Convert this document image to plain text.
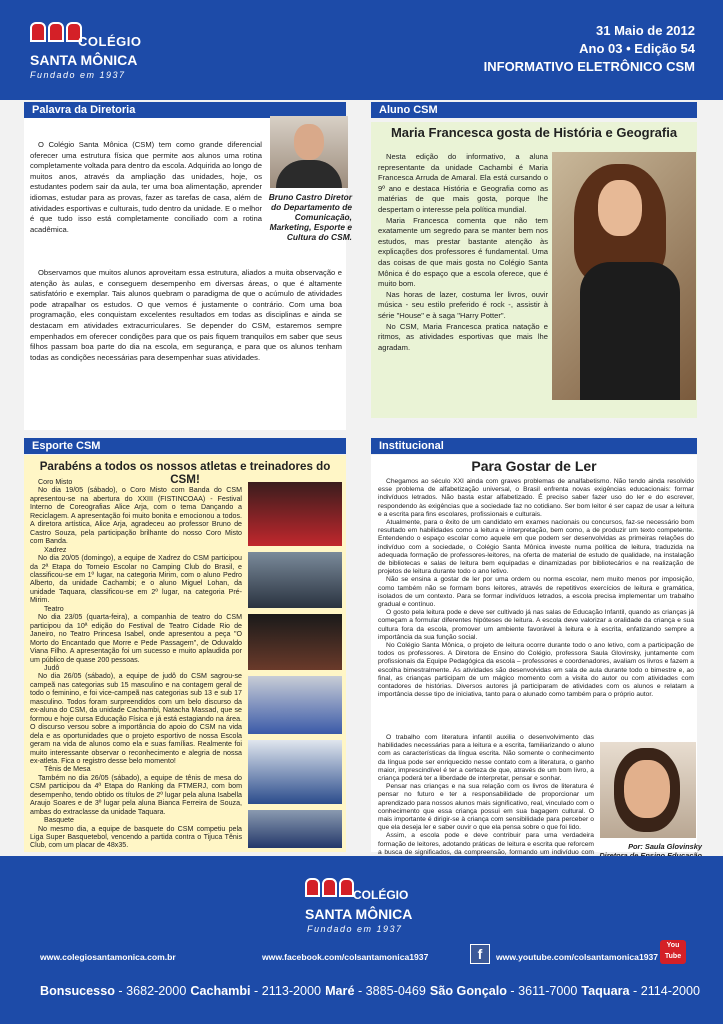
COLÉGIO
SANTA MÔNICA
Fundado em 1937
31 Maio de 2012
Ano 03 • Edição 54
INFORMATIVO ELETRÔNICO CSM
Palavra da Diretoria
O Colégio Santa Mônica (CSM) tem como grande diferencial oferecer uma estrutura física que permite aos alunos uma rotina completamente voltada para dentro da escola. Adquirida ao longo de muitos anos, através da ampliação das unidades, hoje, os estudantes podem sair da aula, ter uma boa alimentação, aprender idiomas, estudar para as provas, fazer as tarefas de casa, além de atividades esportivas e culturais, tudo dentro da unidade. E o melhor é que tudo isso está completamente conciliado com a rotina acadêmica.
Bruno Castro Diretor do Departamento de Comunicação, Marketing, Esporte e Cultura do CSM.
Observamos que muitos alunos aproveitam essa estrutura, aliados a muita observação e atenção às aulas, e conseguem desempenho em diversas áreas, o que é altamente satisfatório e exemplar. Tais alunos quebram o paradigma de que o acúmulo de atividades pode atrapalhar os estudos. O que vemos é justamente o contrário. Com uma boa programação, eles conquistam excelentes resultados em todas as disciplinas e ainda se destacam em atividades extracurriculares. Se depender do CSM, estaremos sempre empenhados em oferecer condições para que os pais fiquem tranquilos em saber que seus filhos passam boa parte do dia na escola, em segurança, e para que os alunos tenham todas as condições necessárias para desempenhar suas atividades.
Aluno CSM
Maria Francesca gosta de História e Geografia
Nesta edição do informativo, a aluna representante da unidade Cachambi é Maria Francesca Arruda de Amaral. Ela está cursando o 9º ano e destaca História e Geografia como as matérias de que mais gosta, porque lhe despertam o interesse pela política mundial.
Maria Francesca comenta que não tem exatamente um segredo para se manter bem nos estudos, mas prestar bastante atenção às explicações dos professores é fundamental. Uma das coisas de que mais gosta no Colégio Santa Mônica é do espaço que a escola oferece, que é muito bom.
Nas horas de lazer, costuma ler livros, ouvir música - seu estilo preferido é rock -, assistir à série "House" e à saga "Harry Potter".
No CSM, Maria Francesca pratica natação e ritmos, as atividades esportivas que mais lhe agradam.
Esporte CSM
Parabéns a todos os nossos atletas e treinadores do CSM!
Coro Misto
No dia 19/05 (sábado), o Coro Misto com Banda do CSM apresentou-se na abertura do XXIII (FISTINCOAA) - Festival Interno de Coreografias Alice Arja, com o tema Dançando a Reciclagem. A apresentação foi muito bonita e emocionou a todos. A diretora artística, Alice Arja, agradeceu ao professor Bruno de Castro Souza, pela participação brilhante do nosso Coro Misto com Banda.
Xadrez
No dia 20/05 (domingo), a equipe de Xadrez do CSM participou da 2ª Etapa do Torneio Escolar no Camping Club do Brasil, e classificou-se em 1º lugar, na categoria Mirim, com o aluno Pedro Alberto, da unidade Cachambi; e o aluno Miguel Lohan, da unidade Taquara, classificou-se em 2º lugar, na categoria Pré-Mirim.
Teatro
No dia 23/05 (quarta-feira), a companhia de teatro do CSM participou da 10ª edição do Festival de Teatro Cidade Rio de Janeiro, no Teatro Princesa Isabel, onde apresentou a peça "O Morto do Encantado que Morre e Pede Passagem", de Oduvaldo Viana Filho. A apresentação foi um sucesso e muito aplaudida por um público de quase 200 pessoas.
Judô
No dia 26/05 (sábado), a equipe de judô do CSM sagrou-se campeã nas categorias sub 15 masculino e na contagem geral de todo o feminino, e foi vice-campeã nas categorias sub 13 e sub 17 masculino. Todos foram surpreendidos com um belo discurso da ex-aluna do CSM, da unidade Cachambi, Natacha Massad, que se formou e hoje cursa Educação Física e já está estagiando na área. O discurso versou sobre a importância do apoio do CSM na vida dela e as oportunidades que o projeto esportivo de nossa Escola geram na vida de alunos como ela e suas famílias. Realmente foi muito interessante observar o reconhecimento e alegria de nossa ex-atleta. Fica o registro desse belo momento!
Tênis de Mesa
Também no dia 26/05 (sábado), a equipe de tênis de mesa do CSM participou da 4ª Etapa do Ranking da FTMERJ, com bom desempenho, tendo obtido os títulos de 2º lugar pela aluna Isabella Araujo Soares e de 3º lugar pela aluna Bianca Ferreira de Souza, ambas do extraclasse da unidade Taquara.
Basquete
No mesmo dia, a equipe de basquete do CSM competiu pela Liga Super Basquetebol, vencendo a partida contra o Tijuca Tênis Club, com um placar de 48x35.
Institucional
Para Gostar de Ler
Chegamos ao século XXI ainda com graves problemas de analfabetismo. Não tendo ainda resolvido esse problema de alfabetização universal, o Brasil enfrenta novas exigências educacionais: formar indivíduos letrados. Não basta estar alfabetizado. É preciso saber fazer uso do ler e do escrever, respondendo às exigências que a sociedade faz no cotidiano. Ser bom leitor é ser capaz de usar a leitura e a escrita para fins escolares, profissionais e culturais.
Atualmente, para o êxito de um candidato em exames nacionais ou concursos, faz-se necessário bom resultado em habilidades como a leitura e interpretação, bem como, a de produzir um texto competente. Entendendo o espaço escolar como aquele em que podem ser desenvolvidas as primeiras relações do indivíduo com a sociedade, o Colégio Santa Mônica investe numa política de leitura, traduzida na adequada formação de professores-leitores, na oferta de material de estudo de qualidade, na instalação de bibliotecas e salas de leitura bem equipadas e dinamizadas por bibliotecários e na realização de projetos de leitura durante todo o ano letivo.
Não se ensina a gostar de ler por uma ordem ou norma escolar, nem muito menos por imposição, como também não se formam bons leitores, através de repetitivos exercícios de leitura e gramática, isolados de um contexto. Para se formar indivíduos letrados, a escola precisa implementar um trabalho gradual e contínuo.
O gosto pela leitura pode e deve ser cultivado já nas salas de Educação Infantil, quando as crianças já começam a formular diferentes hipóteses de leitura. A escola deve valorizar a oralidade da criança e sua cultura fora da escola, promover um ambiente favorável à leitura e à escrita, enfatizando sempre a importância da sua função social.
No Colégio Santa Mônica, o projeto de leitura ocorre durante todo o ano letivo, com a participação de todos os professores. A Diretora de Ensino do Colégio, professora Saula Glovinsky, juntamente com profissionais da Equipe Pedagógica da escola – professores e coordenadores, avaliam os livros e fazem a escolha bimestralmente. As atividades são desenvolvidas em sala de aula durante todo o bimestre e, ao final, as crianças participam de um mágico momento com a visita do autor ou com atividades com contadores de histórias. Diversos autores já participaram de atividades com os alunos e relatam a importância desse tipo de iniciativa, tanto para o alunado como também para o próprio autor.
O trabalho com literatura infantil auxilia o desenvolvimento das habilidades necessárias para a leitura e a escrita, familiarizando o aluno com as características da língua escrita. Não somente o conhecimento da língua pode ser enriquecido nesse contato com a literatura, o ganho maior, imprescindível é ter a certeza de que, através de um bom livro, a criança poderá ter a liberdade de interpretar, pensar e sonhar.
Pensar nas crianças e na sua relação com os livros de literatura é pensar no futuro e ter a responsabilidade de proporcionar um aprendizado para nossos alunos mais significativo, real, vinculado com o conhecimento que essa criança possui em sua bagagem cultural. O mais importante é dirigir-se à criança com sensibilidade para perceber o que ela deseja ler e saber ouvir o que ela pensa sobre o que foi lido.
Assim, a escola pode e deve contribuir para uma verdadeira formação de leitores, adotando práticas de leitura e escrita que reforcem a busca de significados, da compreensão, formando um indivíduo com
Por: Saula Glovinsky
COLÉGIO
SANTA MÔNICA
Fundado em 1937
www.colegiosantamonica.com.br	www.facebook.com/colsantamonica1937	f	www.youtube.com/colsantamonica1937
You
Tube
Bonsucesso - 3682-2000 Cachambi - 2113-2000 Maré - 3885-0469 São Gonçalo - 3611-7000 Taquara - 2114-2000
